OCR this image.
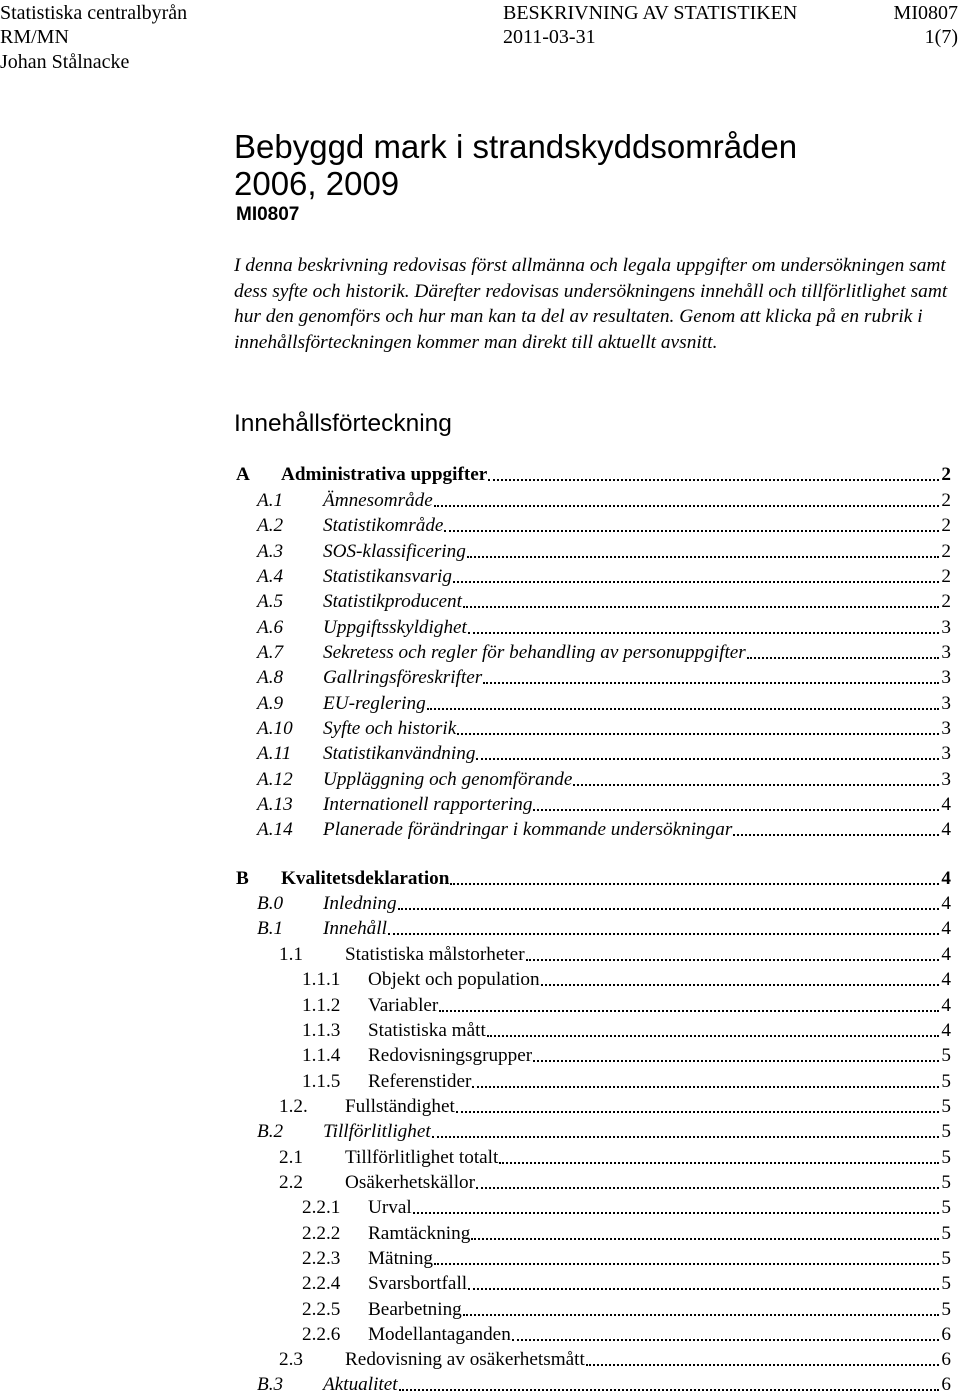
Statistiska centralbyrån
RM/MN
Johan Stålnacke
BESKRIVNING AV STATISTIKEN
2011-03-31
MI0807
1(7)
Bebyggd mark i strandskyddsområden
2006, 2009
MI0807

I denna beskrivning redovisas först allmänna och legala uppgifter om undersökningen samt dess syfte och historik. Därefter redovisas undersökningens innehåll och tillförlitlighet samt hur den genomförs och hur man kan ta del av resultaten. Genom att klicka på en rubrik i innehållsförteckningen kommer man direkt till aktuellt avsnitt.

Innehållsförteckning
A	Administrativa uppgifter	2
A.1	Ämnesområde	2
A.2	Statistikområde	2
A.3	SOS-klassificering	2
A.4	Statistikansvarig	2
A.5	Statistikproducent	2
A.6	Uppgiftsskyldighet	3
A.7	Sekretess och regler för behandling av personuppgifter	3
A.8	Gallringsföreskrifter	3
A.9	EU-reglering	3
A.10	Syfte och historik	3
A.11	Statistikanvändning	3
A.12	Uppläggning och genomförande	3
A.13	Internationell rapportering	4
A.14	Planerade förändringar i kommande undersökningar	4
B	Kvalitetsdeklaration	4
B.0	Inledning	4
B.1	Innehåll	4
1.1	Statistiska målstorheter	4
1.1.1	Objekt och population	4
1.1.2	Variabler	4
1.1.3	Statistiska mått	4
1.1.4	Redovisningsgrupper	5
1.1.5	Referenstider	5
1.2.	Fullständighet	5
B.2	Tillförlitlighet	5
2.1	Tillförlitlighet totalt	5
2.2	Osäkerhetskällor	5
2.2.1	Urval	5
2.2.2	Ramtäckning	5
2.2.3	Mätning	5
2.2.4	Svarsbortfall	5
2.2.5	Bearbetning	5
2.2.6	Modellantaganden	6
2.3	Redovisning av osäkerhetsmått	6
B.3	Aktualitet	6
